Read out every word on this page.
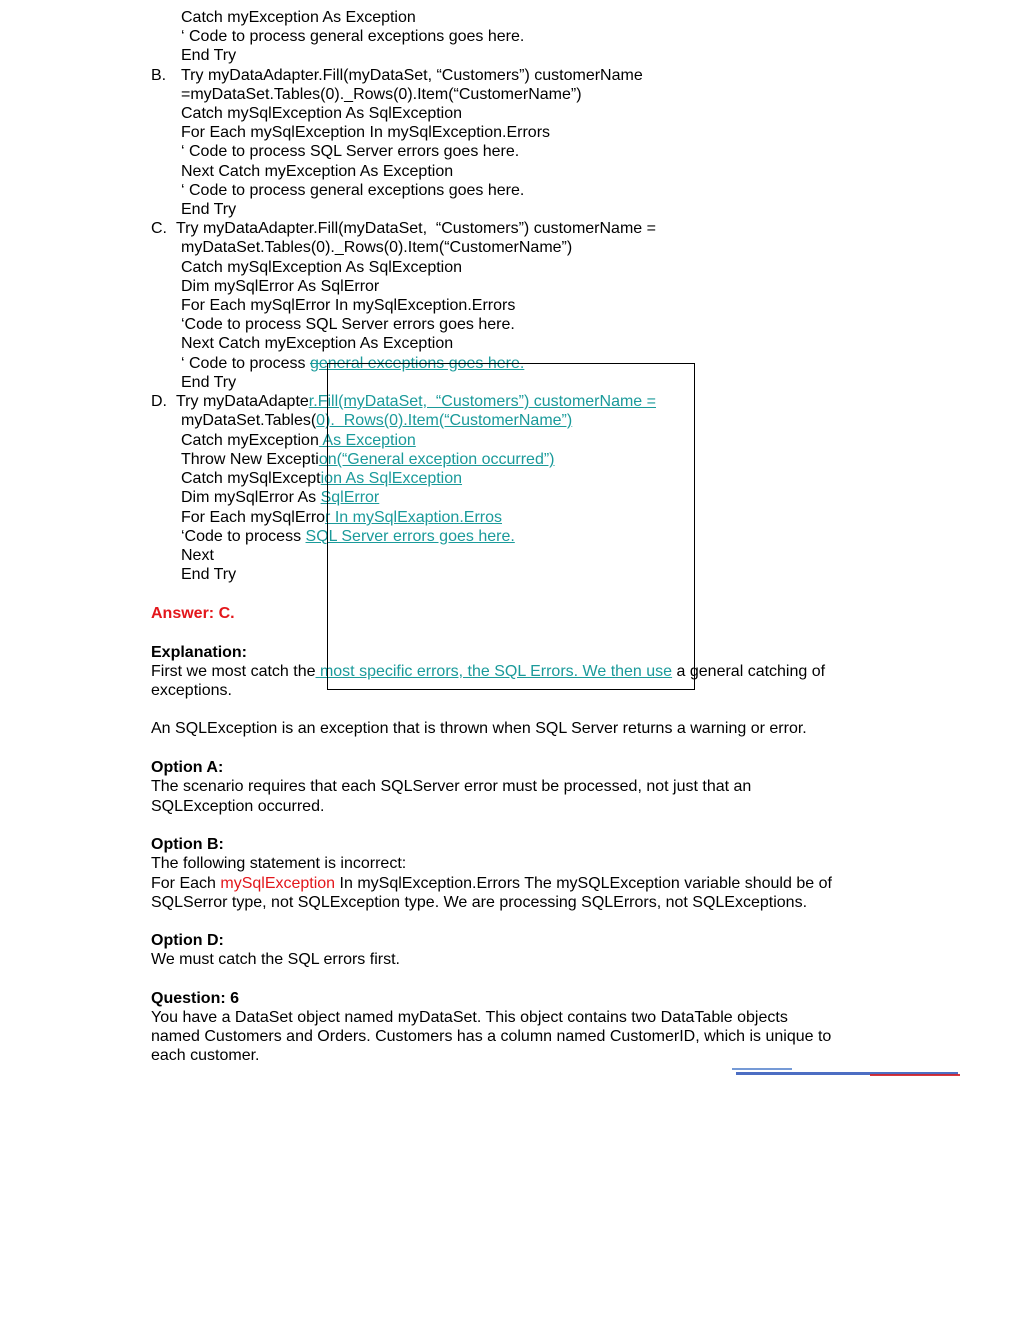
Catch myException As Exception
‘ Code to process general exceptions goes here.
End Try
B. Try myDataAdapter.Fill(myDataSet, “Customers”) customerName
=myDataSet.Tables(0)._Rows(0).Item(“CustomerName”)
Catch mySqlException As SqlException
For Each mySqlException In mySqlException.Errors
‘ Code to process SQL Server errors goes here.
Next Catch myException As Exception
‘ Code to process general exceptions goes here.
End Try
C. Try myDataAdapter.Fill(myDataSet,  “Customers”) customerName =
myDataSet.Tables(0)._Rows(0).Item(“CustomerName”)
Catch mySqlException As SqlException
Dim mySqlError As SqlError
For Each mySqlError In mySqlException.Errors
‘Code to process SQL Server errors goes here.
Next Catch myException As Exception
‘ Code to process general exceptions goes here.
End Try
D. Try myDataAdapter.Fill(myDataSet,  “Customers”) customerName =
myDataSet.Tables(0).  Rows(0).Item(“CustomerName”)
Catch myException As Exception
Throw New Exception(“General exception occurred”)
Catch mySqlException As SqlException
Dim mySqlError As SqlError
For Each mySqlError In mySqlExaption.Erros
‘Code to process SQL Server errors goes here.
Next
End Try
Answer: C.
Explanation:
First we most catch the most specific errors, the SQL Errors. We then use a general catching of
exceptions.
An SQLException is an exception that is thrown when SQL Server returns a warning or error.
Option A:
The scenario requires that each SQLServer error must be processed, not just that an
SQLException occurred.
Option B:
The following statement is incorrect:
For Each mySqlException In mySqlException.Errors The mySQLException variable should be of
SQLSerror type, not SQLException type. We are processing SQLErrors, not SQLExceptions.
Option D:
We must catch the SQL errors first.
Question: 6
You have a DataSet object named myDataSet. This object contains two DataTable objects
named Customers and Orders. Customers has a column named CustomerID, which is unique to
each customer.
